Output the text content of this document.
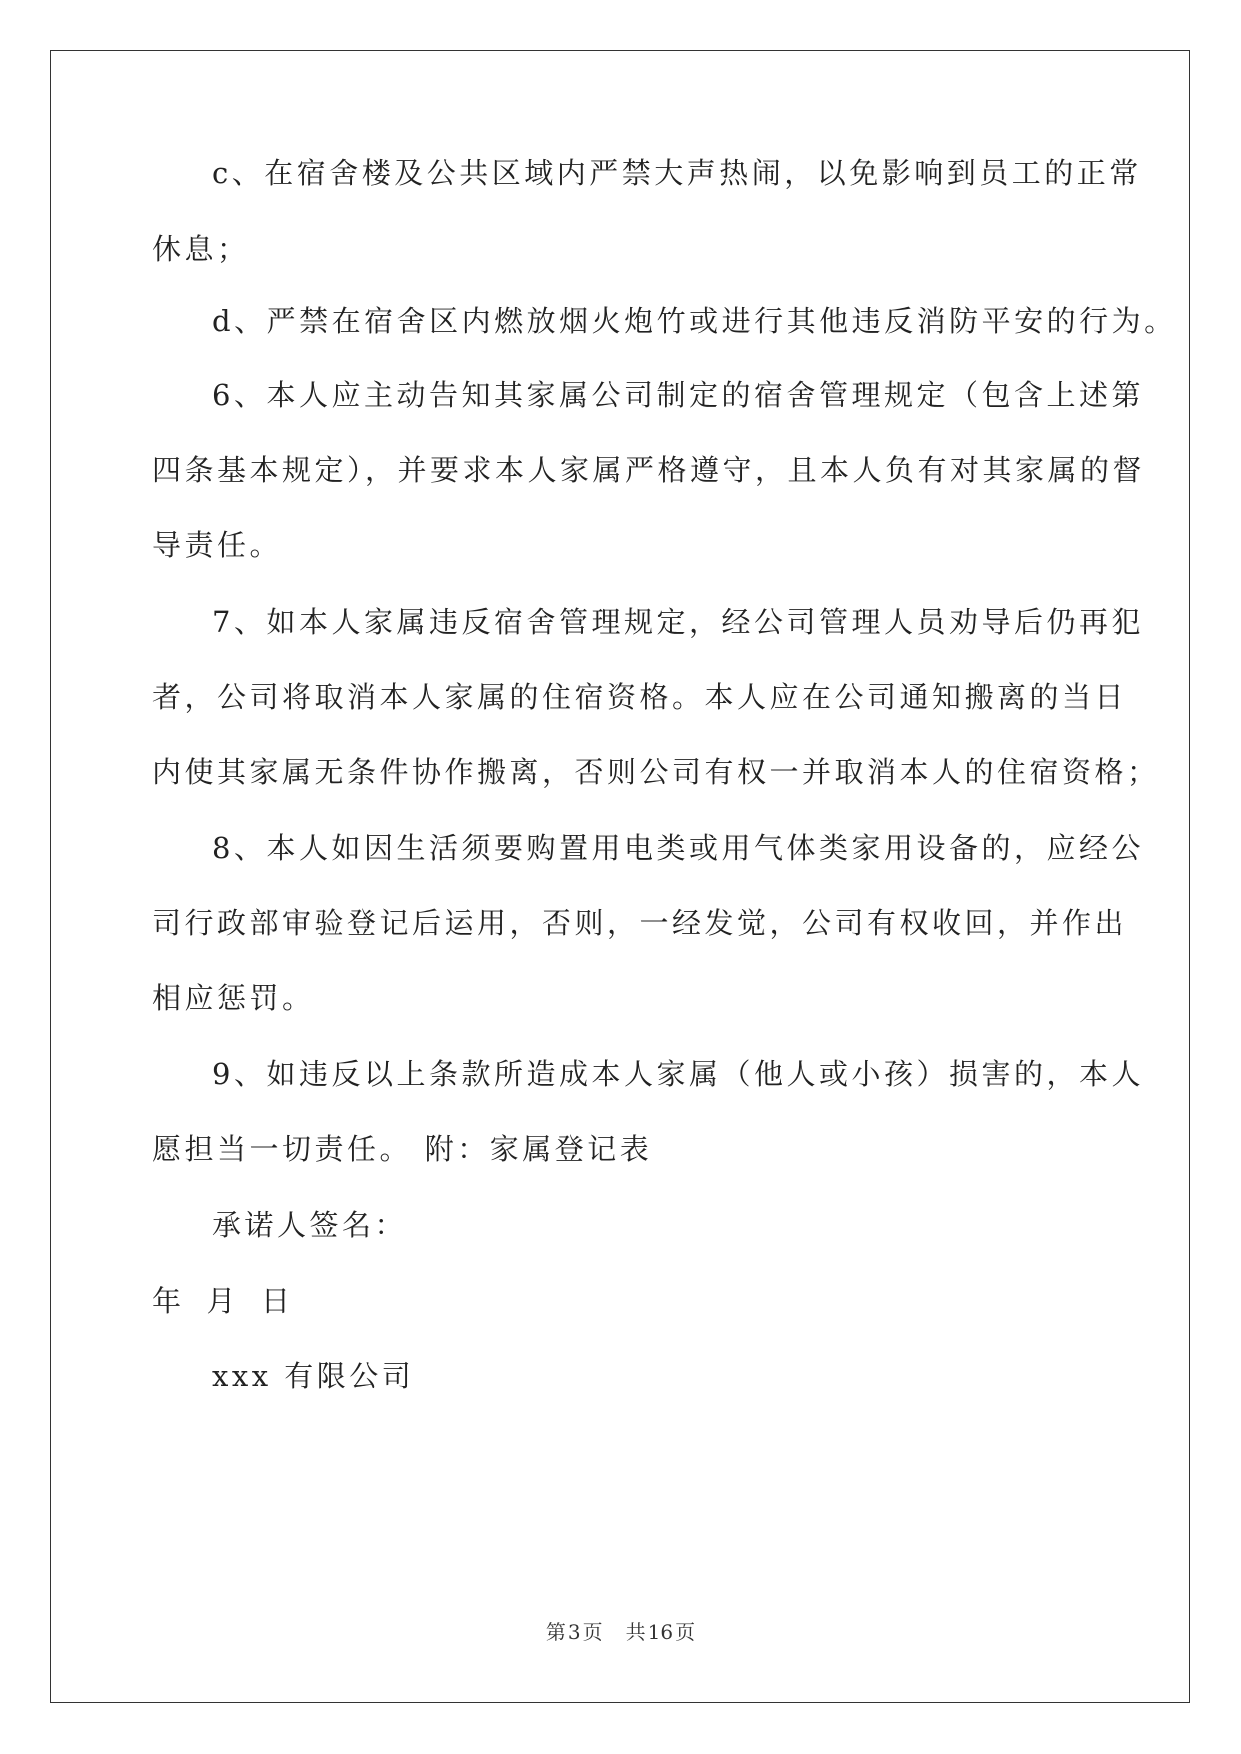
c、在宿舍楼及公共区域内严禁大声热闹，以免影响到员工的正常
休息；
d、严禁在宿舍区内燃放烟火炮竹或进行其他违反消防平安的行为。
6、本人应主动告知其家属公司制定的宿舍管理规定（包含上述第
四条基本规定），并要求本人家属严格遵守，且本人负有对其家属的督
导责任。
7、如本人家属违反宿舍管理规定，经公司管理人员劝导后仍再犯
者，公司将取消本人家属的住宿资格。本人应在公司通知搬离的当日
内使其家属无条件协作搬离，否则公司有权一并取消本人的住宿资格；
8、本人如因生活须要购置用电类或用气体类家用设备的，应经公
司行政部审验登记后运用，否则，一经发觉，公司有权收回，并作出
相应惩罚。
9、如违反以上条款所造成本人家属（他人或小孩）损害的，本人
愿担当一切责任。 附：家属登记表
承诺人签名：
年 月 日
xxx 有限公司
第 3 页 共 16 页
